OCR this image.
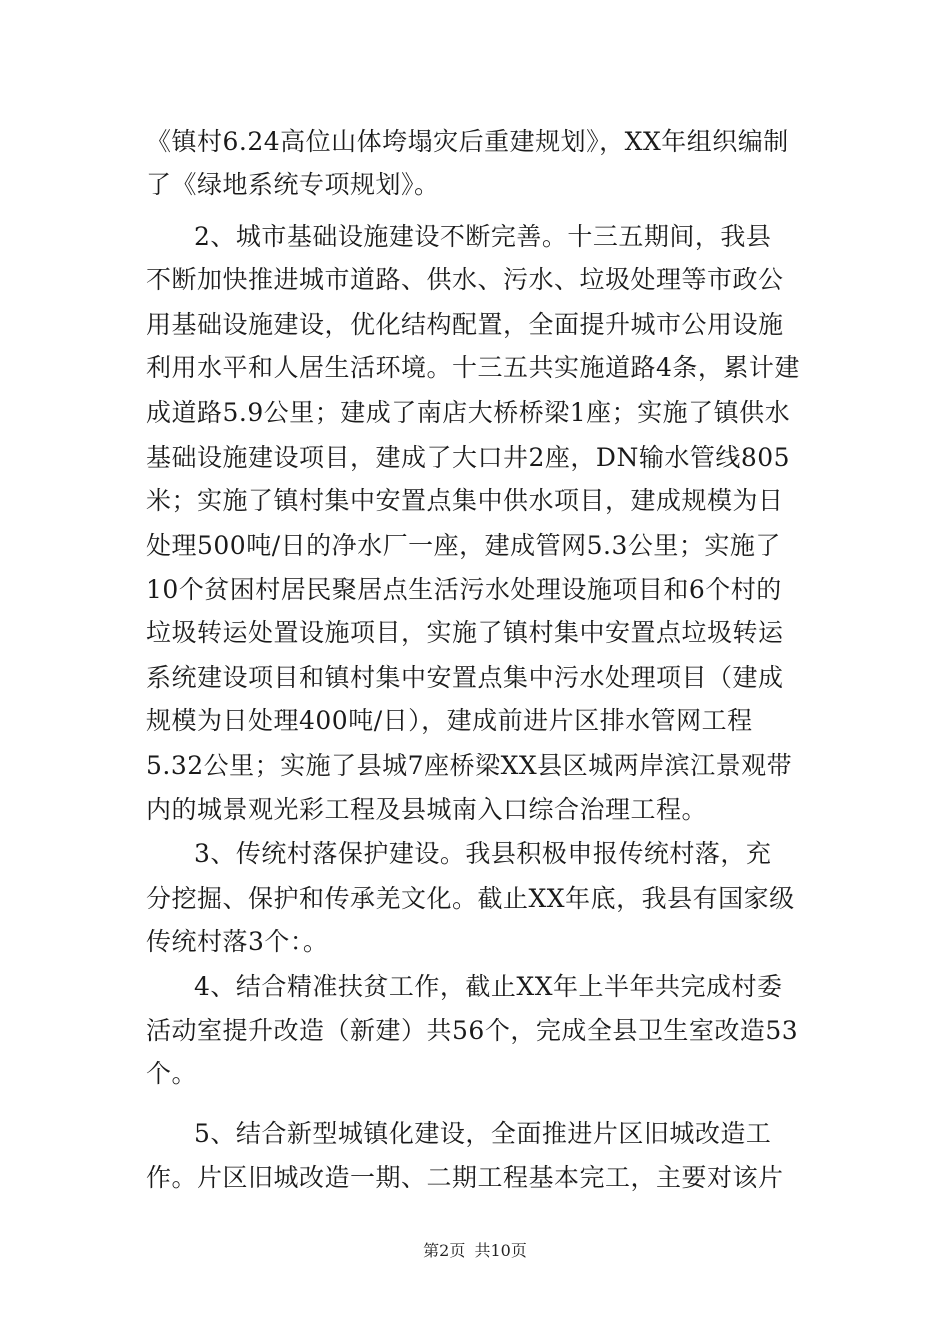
《镇村6.24高位山体垮塌灾后重建规划》，XX年组织编制
了《绿地系统专项规划》。
2、城市基础设施建设不断完善。十三五期间，我县
不断加快推进城市道路、供水、污水、垃圾处理等市政公
用基础设施建设，优化结构配置，全面提升城市公用设施
利用水平和人居生活环境。十三五共实施道路4条，累计建
成道路5.9公里；建成了南店大桥桥梁1座；实施了镇供水
基础设施建设项目，建成了大口井2座，DN输水管线805
米；实施了镇村集中安置点集中供水项目，建成规模为日
处理500吨/日的净水厂一座，建成管网5.3公里；实施了
10个贫困村居民聚居点生活污水处理设施项目和6个村的
垃圾转运处置设施项目，实施了镇村集中安置点垃圾转运
系统建设项目和镇村集中安置点集中污水处理项目（建成
规模为日处理400吨/日），建成前进片区排水管网工程
5.32公里；实施了县城7座桥梁XX县区城两岸滨江景观带
内的城景观光彩工程及县城南入口综合治理工程。
3、传统村落保护建设。我县积极申报传统村落，充
分挖掘、保护和传承羌文化。截止XX年底，我县有国家级
传统村落3个：。
4、结合精准扶贫工作，截止XX年上半年共完成村委
活动室提升改造（新建）共56个，完成全县卫生室改造53
个。
5、结合新型城镇化建设，全面推进片区旧城改造工
作。片区旧城改造一期、二期工程基本完工，主要对该片
第2页 共10页
